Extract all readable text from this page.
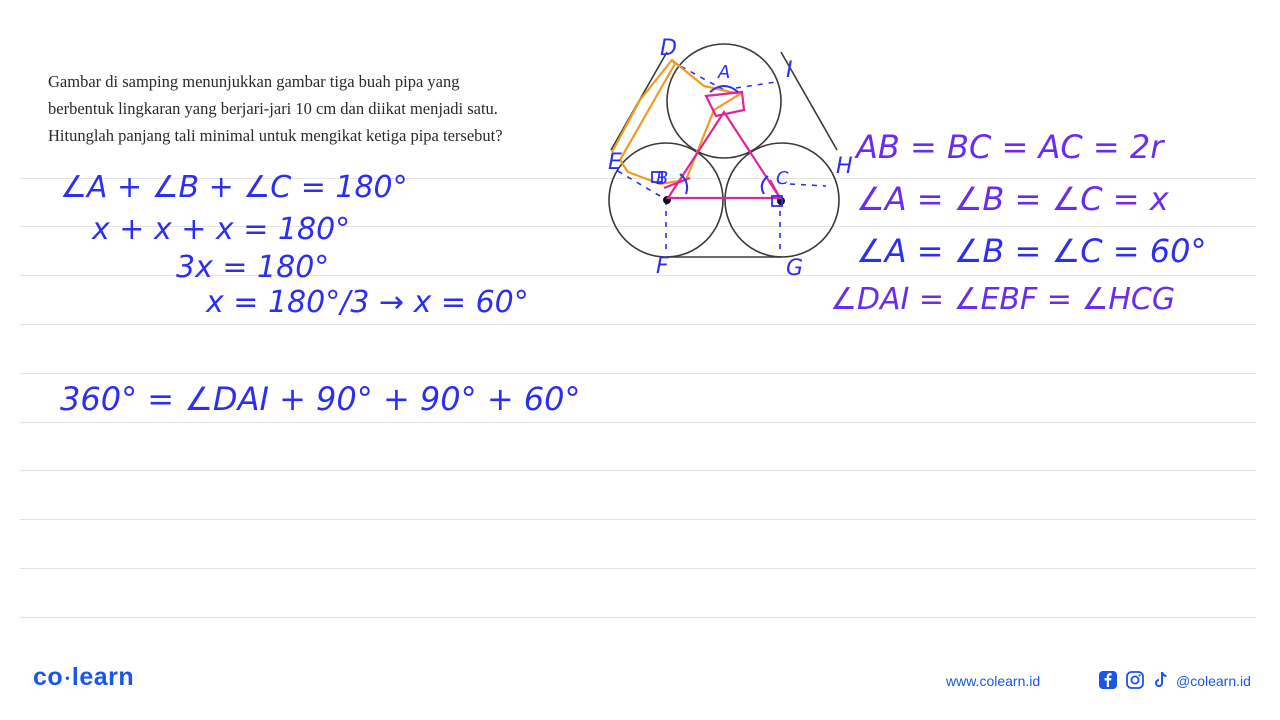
Gambar di samping menunjukkan gambar tiga buah pipa yang
berbentuk lingkaran yang berjari-jari 10 cm dan diikat menjadi satu.
Hitunglah panjang tali minimal untuk mengikat ketiga pipa tersebut?
D
I
E	H
F	G
A
B	C
∠A + ∠B + ∠C = 180°
x + x + x = 180°
3x = 180°
x = 180°/3 → x = 60°
360° = ∠DAI + 90° + 90° + 60°
AB = BC = AC = 2r
∠A = ∠B = ∠C = x
∠A = ∠B = ∠C = 60°
∠DAI = ∠EBF = ∠HCG
co •learn	www.colearn.id	@colearn.id
